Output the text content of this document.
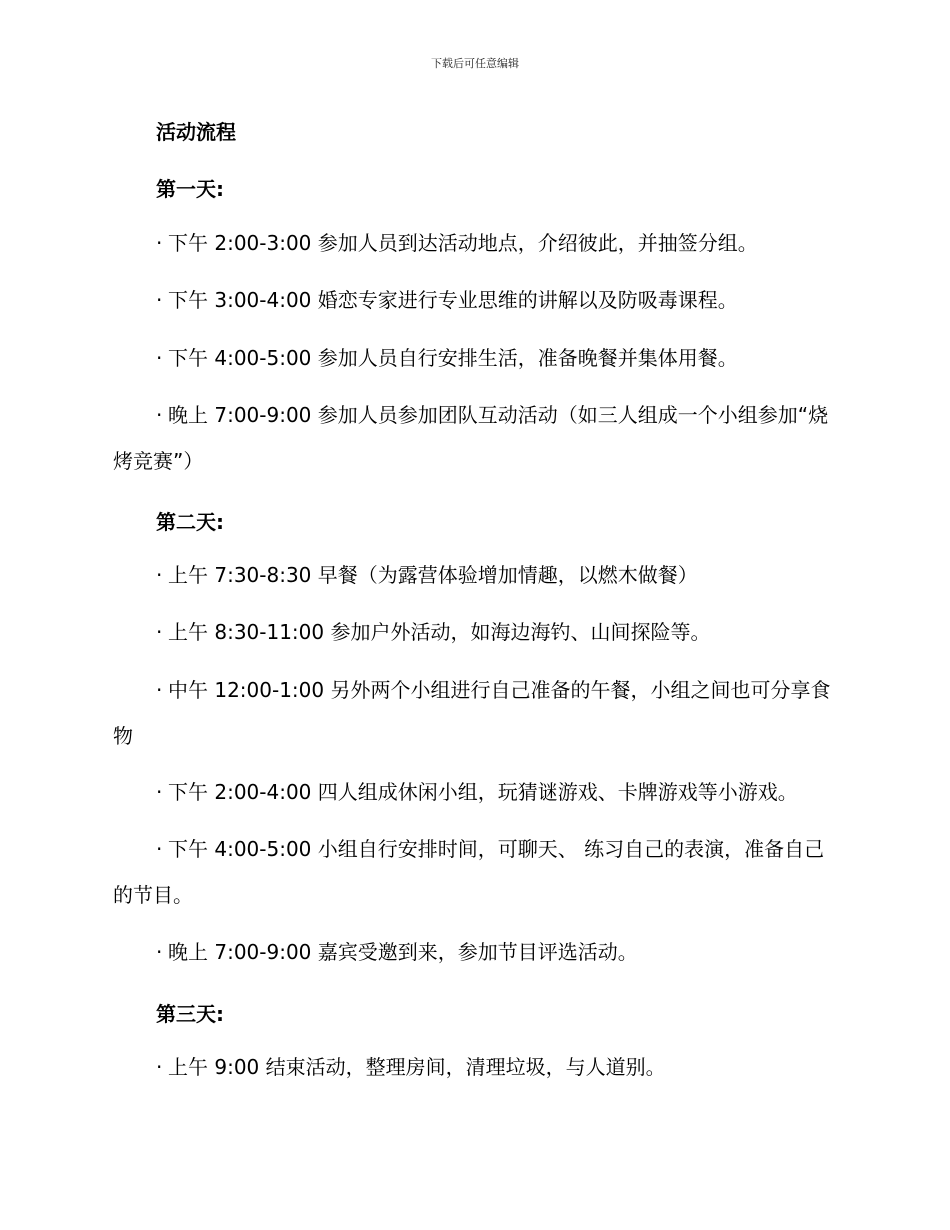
下载后可任意编辑
活动流程
第一天:
· 下午 2:00-3:00 参加人员到达活动地点，介绍彼此，并抽签分组。
· 下午 3:00-4:00 婚恋专家进行专业思维的讲解以及防吸毒课程。
· 下午 4:00-5:00 参加人员自行安排生活，准备晚餐并集体用餐。
· 晚上 7:00-9:00 参加人员参加团队互动活动（如三人组成一个小组参加“烧烤竞赛”）
第二天:
· 上午 7:30-8:30 早餐（为露营体验增加情趣，以燃木做餐）
· 上午 8:30-11:00 参加户外活动，如海边海钓、山间探险等。
· 中午 12:00-1:00 另外两个小组进行自己准备的午餐，小组之间也可分享食物
· 下午 2:00-4:00 四人组成休闲小组，玩猜谜游戏、卡牌游戏等小游戏。
· 下午 4:00-5:00 小组自行安排时间，可聊天、 练习自己的表演，准备自己的节目。
· 晚上 7:00-9:00 嘉宾受邀到来，参加节目评选活动。
第三天:
· 上午 9:00 结束活动，整理房间，清理垃圾，与人道别。
